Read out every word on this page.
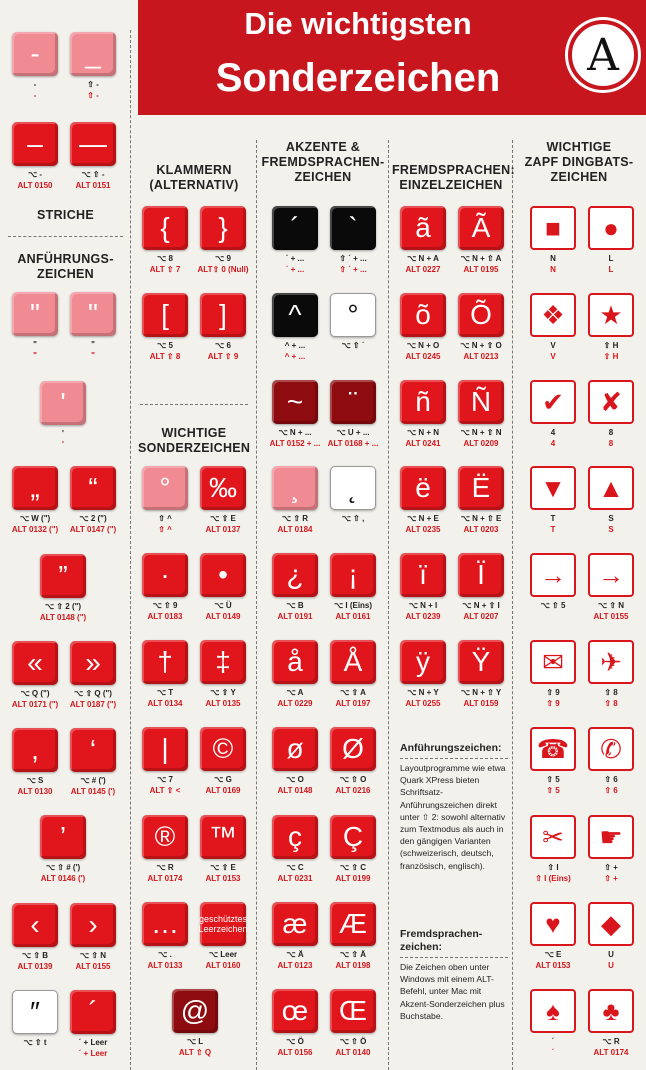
Die wichtigsten
Sonderzeichen	A
STRICHE
ANFÜHRUNGS-
ZEICHEN
KLAMMERN
(ALTERNATIV)
WICHTIGE
SONDERZEICHEN
AKZENTE &
FREMDSPRACHEN-
ZEICHEN	FREMDSPRACHEN:
EINZELZEICHEN
WICHTIGE
ZAPF DINGBATS-
ZEICHEN
Anführungszeichen:
Layoutprogramme wie etwa Quark XPress bieten Schriftsatz-Anführungszeichen direkt unter ⇧ 2: sowohl alternativ zum Textmodus als auch in den gängigen Varianten (schweizerisch, deutsch, französisch, englisch).
Fremdsprachen-zeichen:
Die Zeichen oben unter Windows mit einem ALT-Befehl, unter Mac mit Akzent-Sonderzeichen plus Buchstabe.
-
-
-
_
⇧ -
⇧ -
–
⌥ -
ALT 0150
—
⌥ ⇧ -
ALT 0151
"
"
"
"
"
"
'
'
'
„
⌥ W (")
ALT 0132 (")
“
⌥ 2 (")
ALT 0147 (")
”
⌥ ⇧ 2 (")
ALT 0148 (")
«
⌥ Q (")
ALT 0171 (")
»
⌥ ⇧ Q (")
ALT 0187 (")
,
⌥ S
ALT 0130
‘
⌥ # (')
ALT 0145 (')
’
⌥ ⇧ # (')
ALT 0146 (')
‹
⌥ ⇧ B
ALT 0139
›
⌥ ⇧ N
ALT 0155
″
⌥ ⇧ t
´
´ + Leer
´ + Leer
{
⌥ 8
ALT ⇧ 7
}
⌥ 9
ALT⇧ 0 (Null)
[
⌥ 5
ALT ⇧ 8
]
⌥ 6
ALT ⇧ 9
°
⇧ ^
⇧ ^
‰
⌥ ⇧ E
ALT 0137
·
⌥ ⇧ 9
ALT 0183
•
⌥ Ü
ALT 0149
†
⌥ T
ALT 0134
‡
⌥ ⇧ Y
ALT 0135
|
⌥ 7
ALT ⇧ <
©
⌥ G
ALT 0169
®
⌥ R
ALT 0174
™
⌥ ⇧ E
ALT 0153
…
⌥ .
ALT 0133
geschütztes Leerzeichen
⌥ Leer
ALT 0160
@
⌥ L
ALT ⇧ Q
´
´ + ...
´ + ...
`
⇧ ´ + ...
⇧ ´ + ...
^
^ + ...
^ + ...
°
⌥ ⇧ ´
~
⌥ N + ...
ALT 0152 + ...
¨
⌥ U + ...
ALT 0168 + ...
¸
⌥ ⇧ R
ALT 0184
˛
⌥ ⇧ ,
¿
⌥ B
ALT 0191
¡
⌥ I (Eins)
ALT 0161
å
⌥ A
ALT 0229
Å
⌥ ⇧ A
ALT 0197
ø
⌥ O
ALT 0148
Ø
⌥ ⇧ O
ALT 0216
ç
⌥ C
ALT 0231
Ç
⌥ ⇧ C
ALT 0199
æ
⌥ Ä
ALT 0123
Æ
⌥ ⇧ Ä
ALT 0198
œ
⌥ Ö
ALT 0156
Œ
⌥ ⇧ Ö
ALT 0140
ã
⌥ N + A
ALT 0227
Ã
⌥ N + ⇧ A
ALT 0195
õ
⌥ N + O
ALT 0245
Õ
⌥ N + ⇧ O
ALT 0213
ñ
⌥ N + N
ALT 0241
Ñ
⌥ N + ⇧ N
ALT 0209
ë
⌥ N + E
ALT 0235
Ë
⌥ N + ⇧ E
ALT 0203
ï
⌥ N + I
ALT 0239
Ï
⌥ N + ⇧ I
ALT 0207
ÿ
⌥ N + Y
ALT 0255
Ÿ
⌥ N + ⇧ Y
ALT 0159
■
N
N
●
L
L
❖
V
V
★
⇧ H
⇧ H
✔
4
4
✘
8
8
▼
T
T
▲
S
S
→
⌥ ⇧ 5
→
⌥ ⇧ N
ALT 0155
✉
⇧ 9
⇧ 9
✈
⇧ 8
⇧ 8
☎
⇧ 5
⇧ 5
✆
⇧ 6
⇧ 6
✂
⇧ I
⇧ I (Eins)
☛
⇧ +
⇧ +
♥
⌥ E
ALT 0153
◆
U
U
♠
´
´
♣
⌥ R
ALT 0174
